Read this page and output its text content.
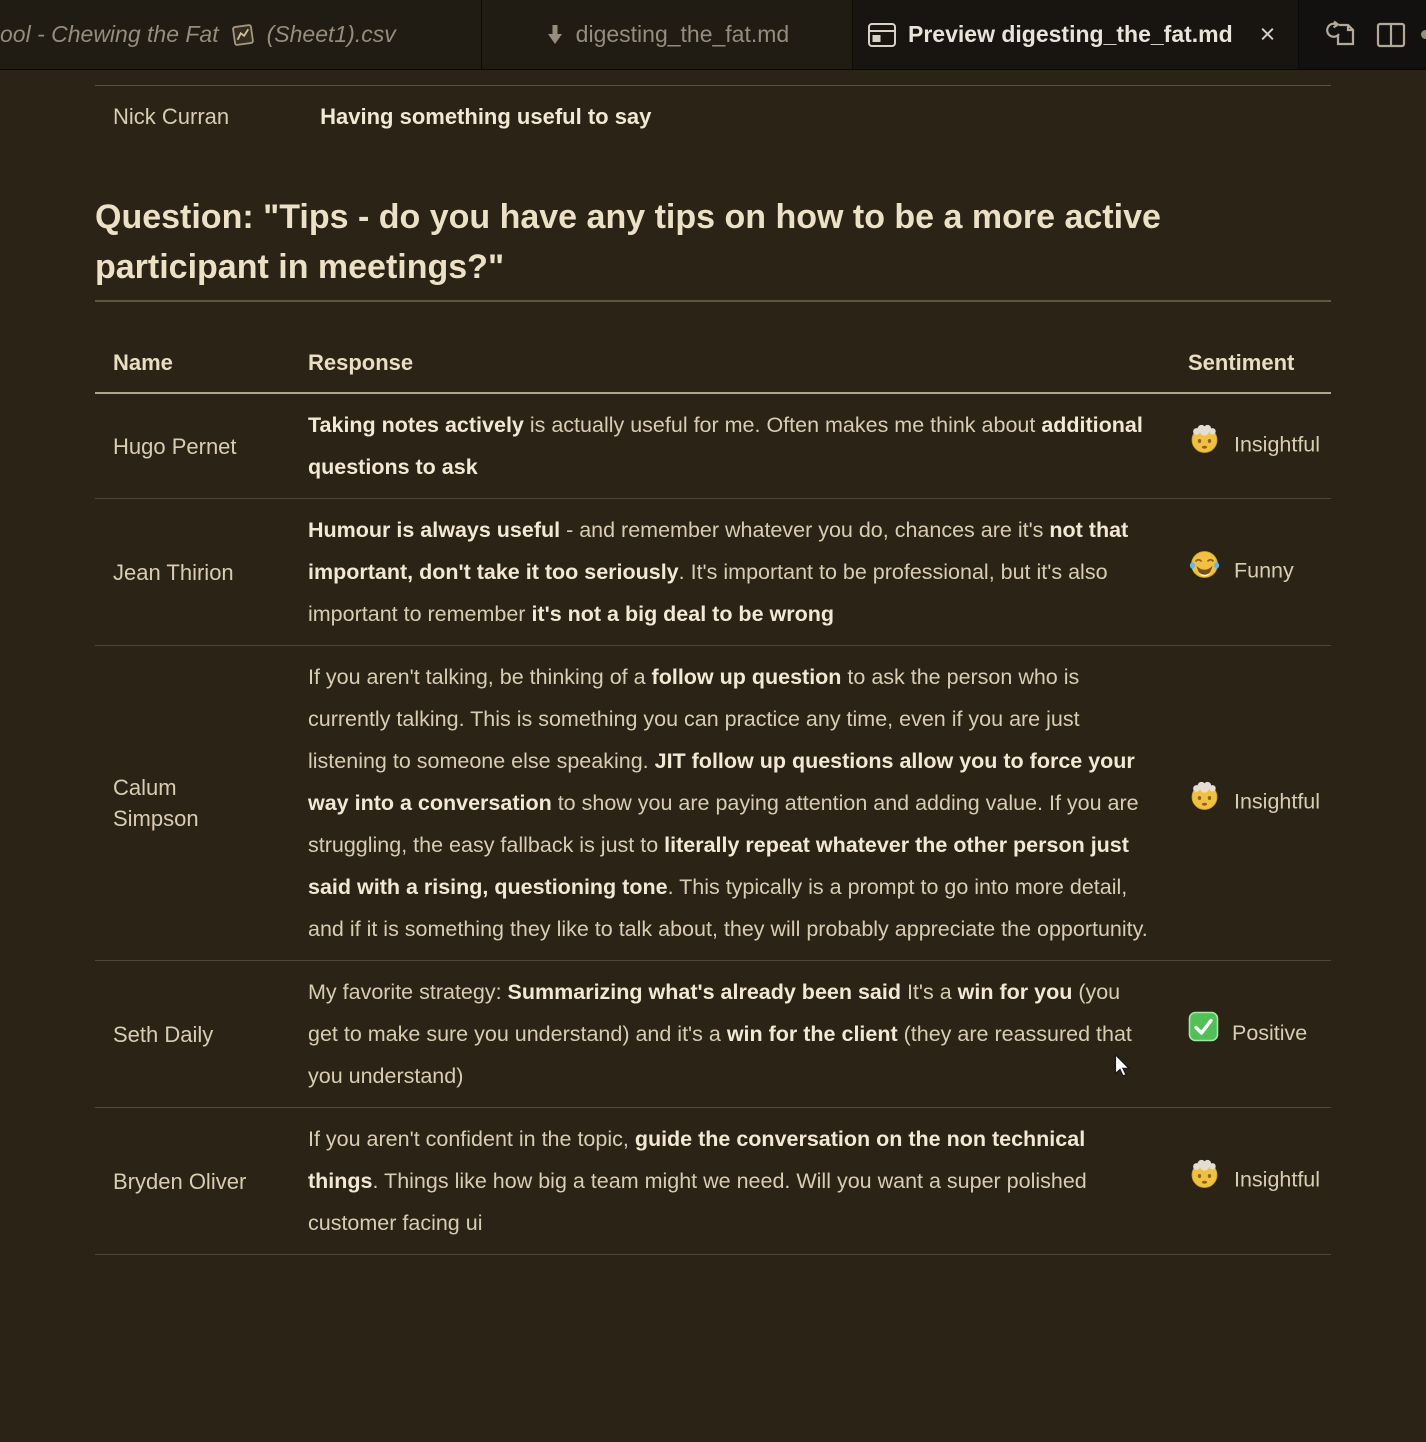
ool - Chewing the Fat (Sheet1).csv	digesting_the_fat.md	Preview digesting_the_fat.md ×
Nick Curran	Having something useful to say
Question: "Tips - do you have any tips on how to be a more active participant in meetings?"
Name	Response	Sentiment
Hugo Pernet	Taking notes actively is actually useful for me. Often makes me think about additional questions to ask	Insightful
Jean Thirion	Humour is always useful - and remember whatever you do, chances are it's not that important, don't take it too seriously. It's important to be professional, but it's also important to remember it's not a big deal to be wrong	Funny
Calum Simpson	If you aren't talking, be thinking of a follow up question to ask the person who is currently talking. This is something you can practice any time, even if you are just listening to someone else speaking. JIT follow up questions allow you to force your way into a conversation to show you are paying attention and adding value. If you are struggling, the easy fallback is just to literally repeat whatever the other person just said with a rising, questioning tone. This typically is a prompt to go into more detail, and if it is something they like to talk about, they will probably appreciate the opportunity.	Insightful
Seth Daily	My favorite strategy: Summarizing what's already been said It's a win for you (you get to make sure you understand) and it's a win for the client (they are reassured that you understand)	Positive
Bryden Oliver	If you aren't confident in the topic, guide the conversation on the non technical things. Things like how big a team might we need. Will you want a super polished customer facing ui	Insightful
